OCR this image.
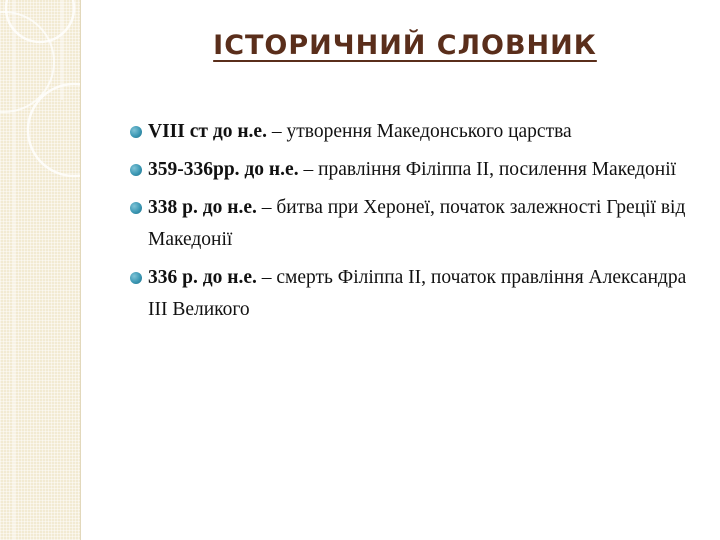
ІСТОРИЧНИЙ СЛОВНИК
VIII ст до н.е. – утворення Македонського царства
359-336рр. до н.е. – правління Філіппа ІІ, посилення Македонії
338 р. до н.е. – битва при Херонеї, початок залежності Греції від Македонії
336 р. до н.е. – смерть Філіппа ІІ, початок правління Александра ІІІ Великого
